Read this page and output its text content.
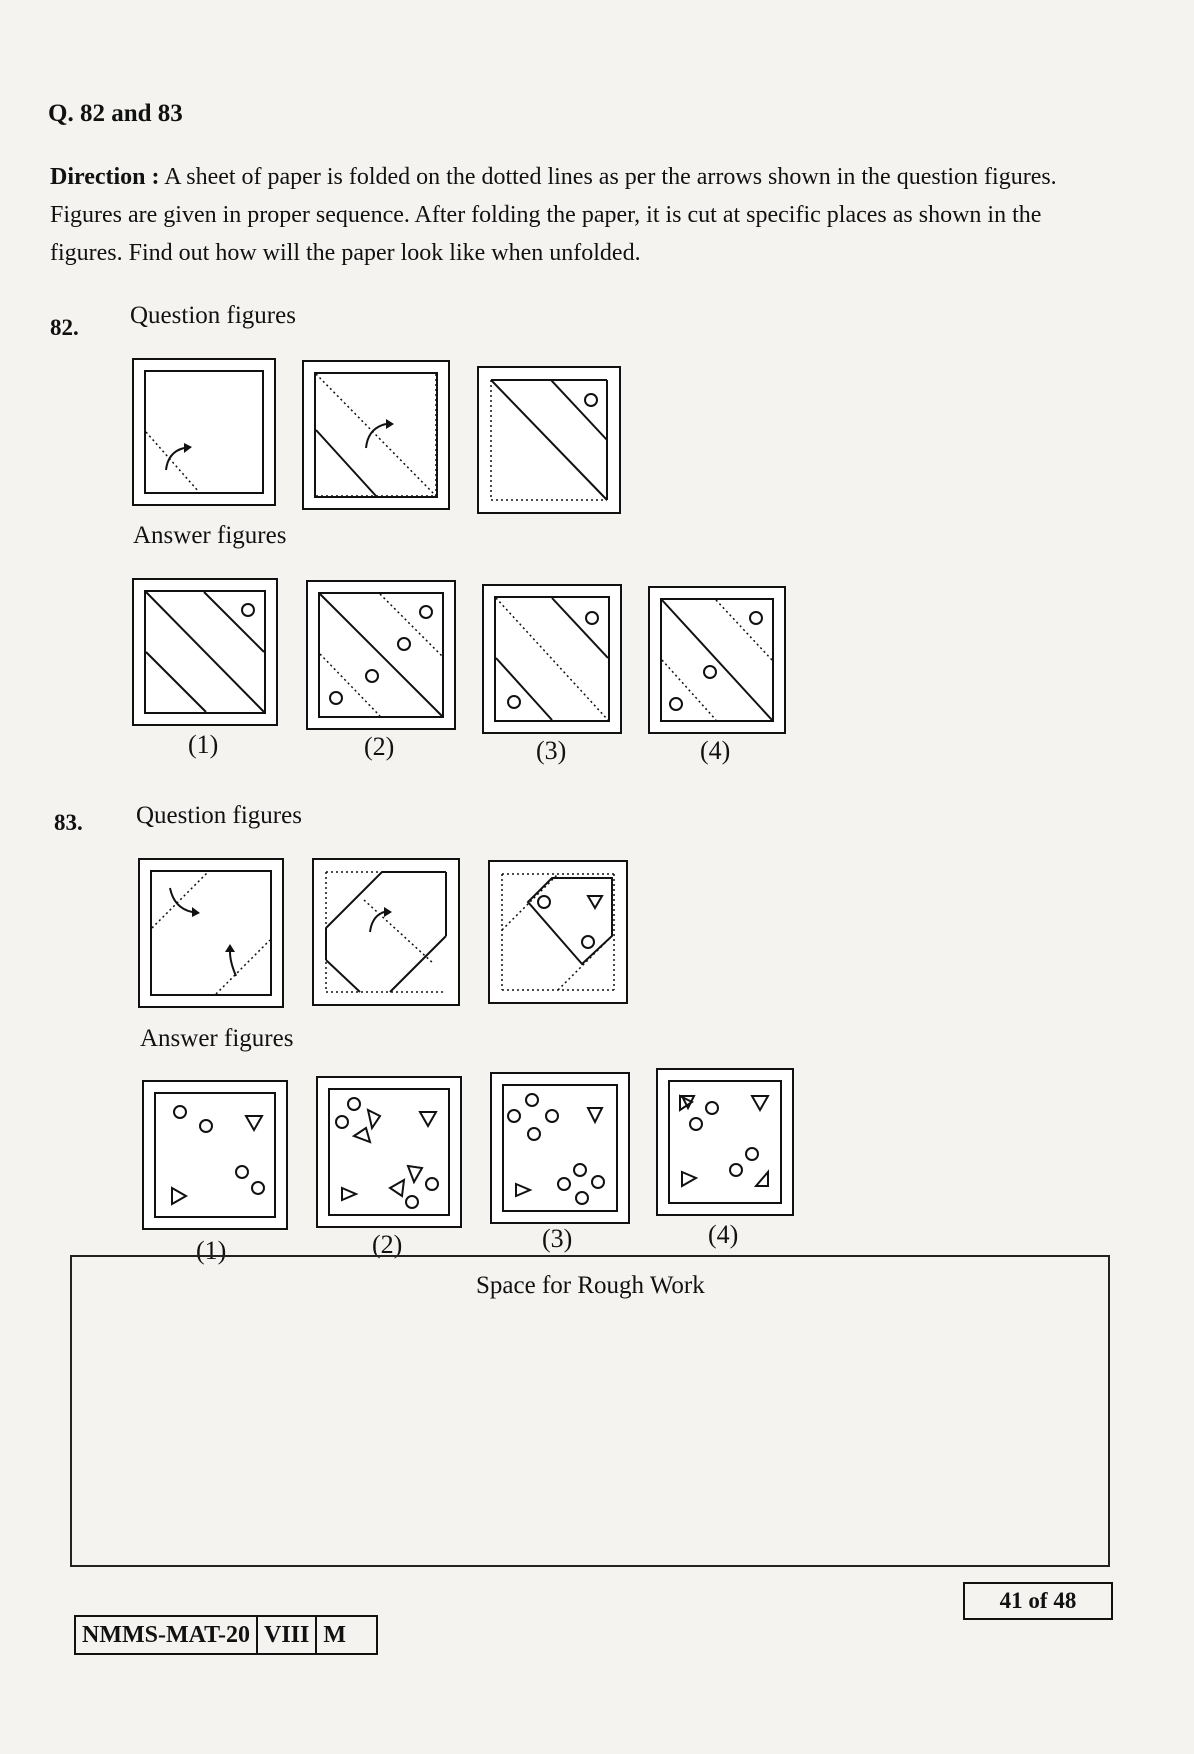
Q. 82 and 83
Direction : A sheet of paper is folded on the dotted lines as per the arrows shown in the question figures. Figures are given in proper sequence. After folding the paper, it is cut at specific places as shown in the figures. Find out how will the paper look like when unfolded.
82. Question figures
Answer figures
(1)	(2)	(3)	(4)
83. Question figures
Answer figures
(1)	(2)	(3)	(4)
Space for Rough Work
41 of 48
NMMS-MAT-20 VIII M
